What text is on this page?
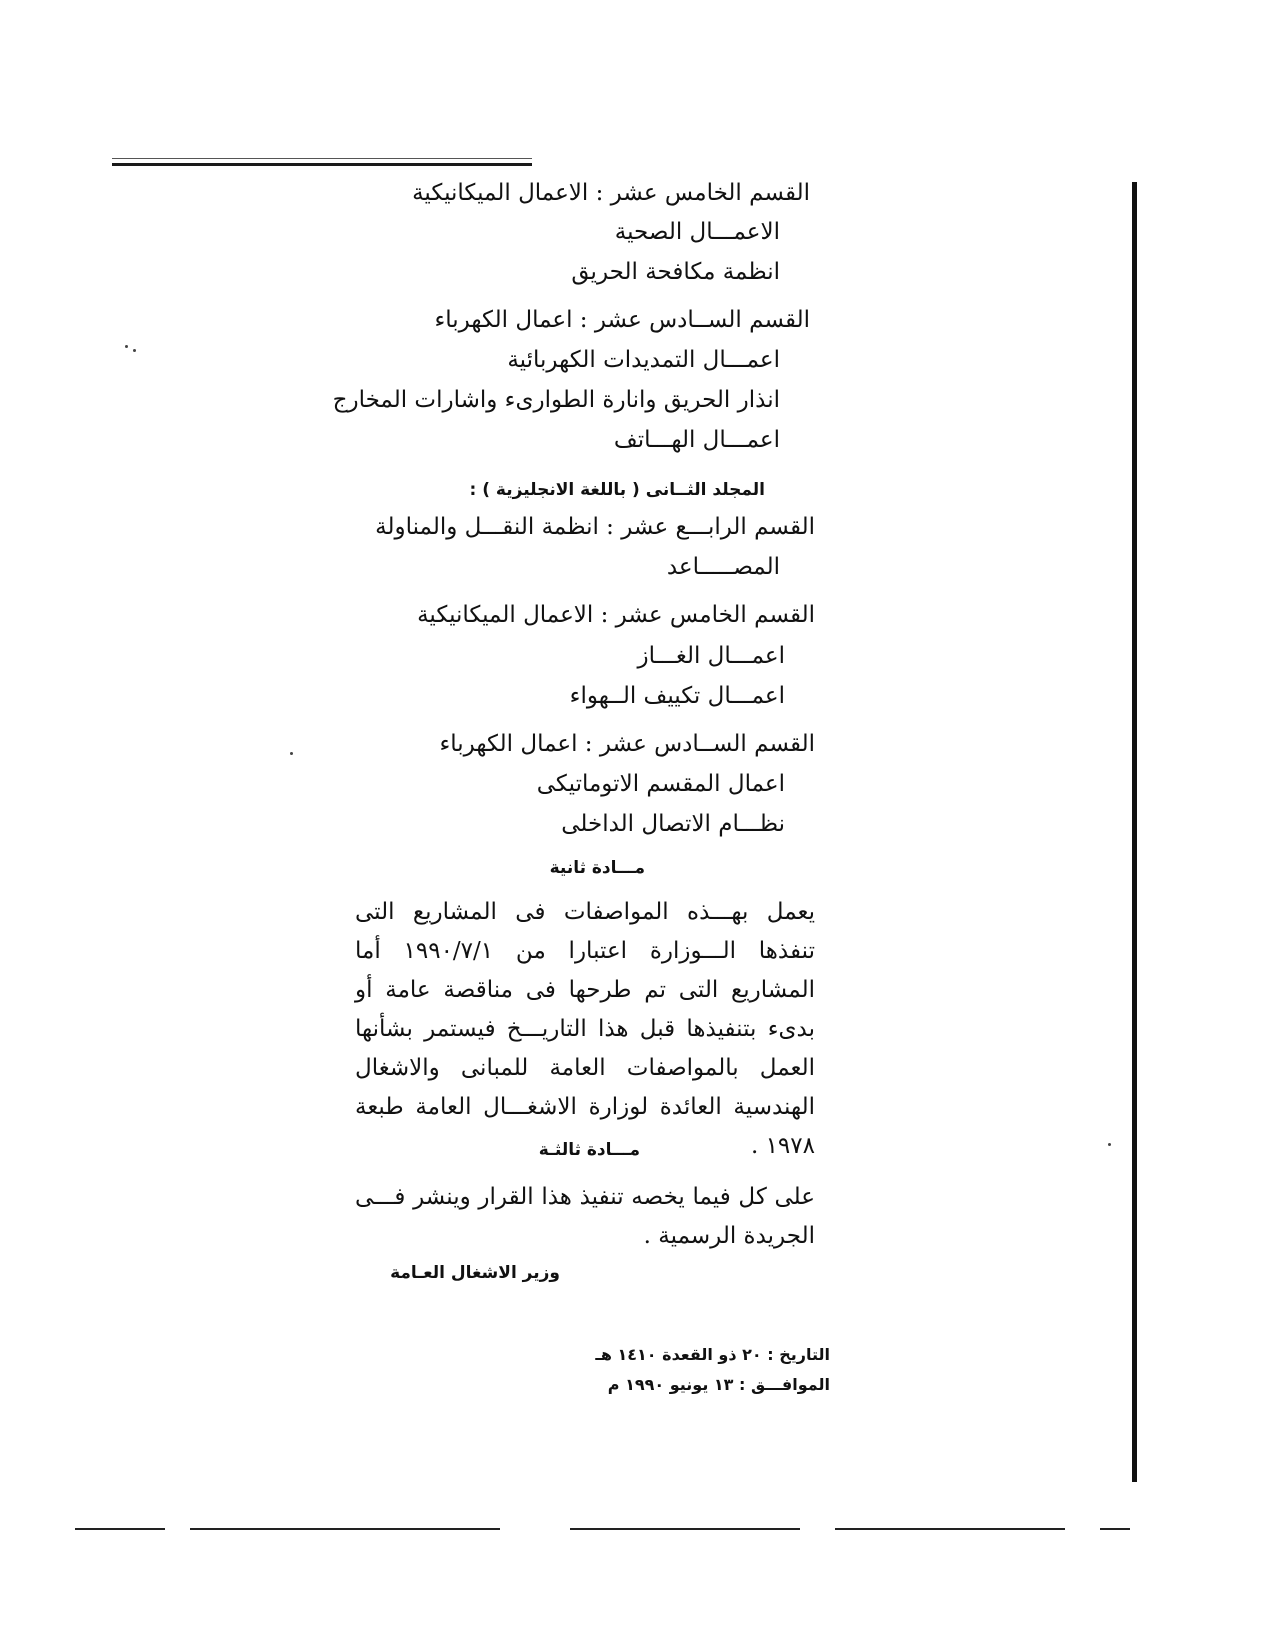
القسم الخامس عشر : الاعمال الميكانيكية
الاعمـــال الصحية
انظمة مكافحة الحريق
القسم الســادس عشر : اعمال الكهرباء
اعمـــال التمديدات الكهربائية
انذار الحريق وانارة الطوارىء واشارات المخارج
اعمـــال الهـــاتف
المجلد الثــانى ( باللغة الانجليزية ) :
القسم الرابـــع عشر : انظمة النقـــل والمناولة
المصـــــاعد
القسم الخامس عشر : الاعمال الميكانيكية
اعمـــال الغـــاز
اعمـــال تكييف الــهواء
القسم الســادس عشر : اعمال الكهرباء
اعمال المقسم الاتوماتيكى
نظـــام الاتصال الداخلى
مـــادة ثانية
يعمل بهـــذه المواصفات فى المشاريع التى تنفذها الـــوزارة اعتبارا من ١٩٩٠/٧/١ أما المشاريع التى تم طرحها فى مناقصة عامة أو بدىء بتنفيذها قبل هذا التاريـــخ فيستمر بشأنها العمل بالمواصفات العامة للمبانى والاشغال الهندسية العائدة لوزارة الاشغـــال العامة طبعة ١٩٧٨ .
مـــادة ثالثـة
على كل فيما يخصه تنفيذ هذا القرار وينشر فـــى الجريدة الرسمية .
وزير الاشغال العـامة
التاريخ : ٢٠ ذو القعدة ١٤١٠ هـ
الموافـــق : ١٣ يونيو ١٩٩٠ م
